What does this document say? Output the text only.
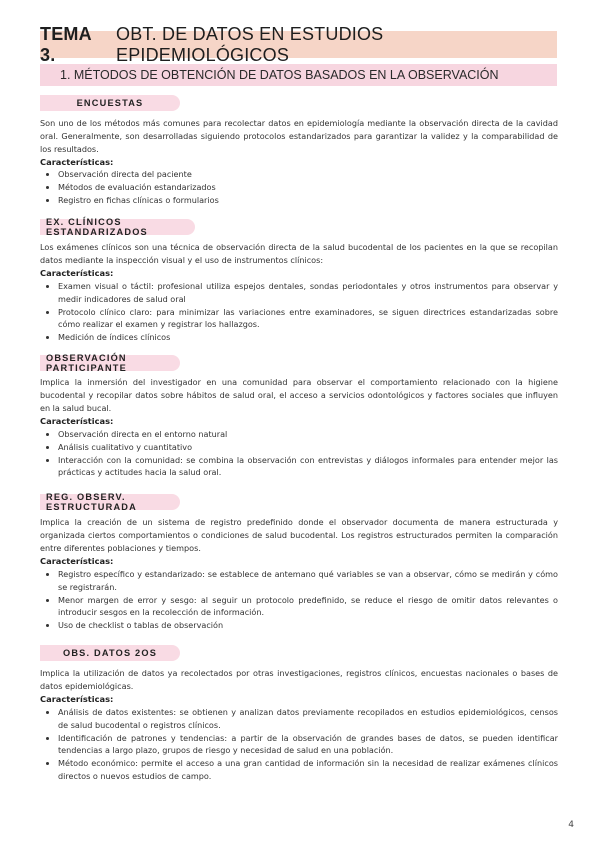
TEMA 3.
OBT. DE DATOS EN ESTUDIOS EPIDEMIOLÓGICOS
1. MÉTODOS DE OBTENCIÓN DE DATOS BASADOS EN LA OBSERVACIÓN
ENCUESTAS

Son uno de los métodos más comunes para recolectar datos en epidemiología mediante la observación directa de la cavidad oral. Generalmente, son desarrolladas siguiendo protocolos estandarizados para garantizar la validez y la comparabilidad de los resultados.

Características:
• Observación directa del paciente
• Métodos de evaluación estandarizados
• Registro en fichas clínicas o formularios
EX. CLÍNICOS ESTANDARIZADOS

Los exámenes clínicos son una técnica de observación directa de la salud bucodental de los pacientes en la que se recopilan datos mediante la inspección visual y el uso de instrumentos clínicos:

Características:
• Examen visual o táctil: profesional utiliza espejos dentales, sondas periodontales y otros instrumentos para observar y medir indicadores de salud oral
• Protocolo clínico claro: para minimizar las variaciones entre examinadores, se siguen directrices estandarizadas sobre cómo realizar el examen y registrar los hallazgos.
• Medición de índices clínicos
OBSERVACIÓN PARTICIPANTE

Implica la inmersión del investigador en una comunidad para observar el comportamiento relacionado con la higiene bucodental y recopilar datos sobre hábitos de salud oral, el acceso a servicios odontológicos y factores sociales que influyen en la salud bucal.

Características:
• Observación directa en el entorno natural
• Análisis cualitativo y cuantitativo
• Interacción con la comunidad: se combina la observación con entrevistas y diálogos informales para entender mejor las prácticas y actitudes hacia la salud oral.
REG. OBSERV. ESTRUCTURADA

Implica la creación de un sistema de registro predefinido donde el observador documenta de manera estructurada y organizada ciertos comportamientos o condiciones de salud bucodental. Los registros estructurados permiten la comparación entre diferentes poblaciones y tiempos.

Características:
• Registro específico y estandarizado: se establece de antemano qué variables se van a observar, cómo se medirán y cómo se registrarán.
• Menor margen de error y sesgo: al seguir un protocolo predefinido, se reduce el riesgo de omitir datos relevantes o introducir sesgos en la recolección de información.
• Uso de checklist o tablas de observación
OBS. DATOS 2OS

Implica la utilización de datos ya recolectados por otras investigaciones, registros clínicos, encuestas nacionales o bases de datos epidemiológicas.

Características:
• Análisis de datos existentes: se obtienen y analizan datos previamente recopilados en estudios epidemiológicos, censos de salud bucodental o registros clínicos.
• Identificación de patrones y tendencias: a partir de la observación de grandes bases de datos, se pueden identificar tendencias a largo plazo, grupos de riesgo y necesidad de salud en una población.
• Método económico: permite el acceso a una gran cantidad de información sin la necesidad de realizar exámenes clínicos directos o nuevos estudios de campo.
4
